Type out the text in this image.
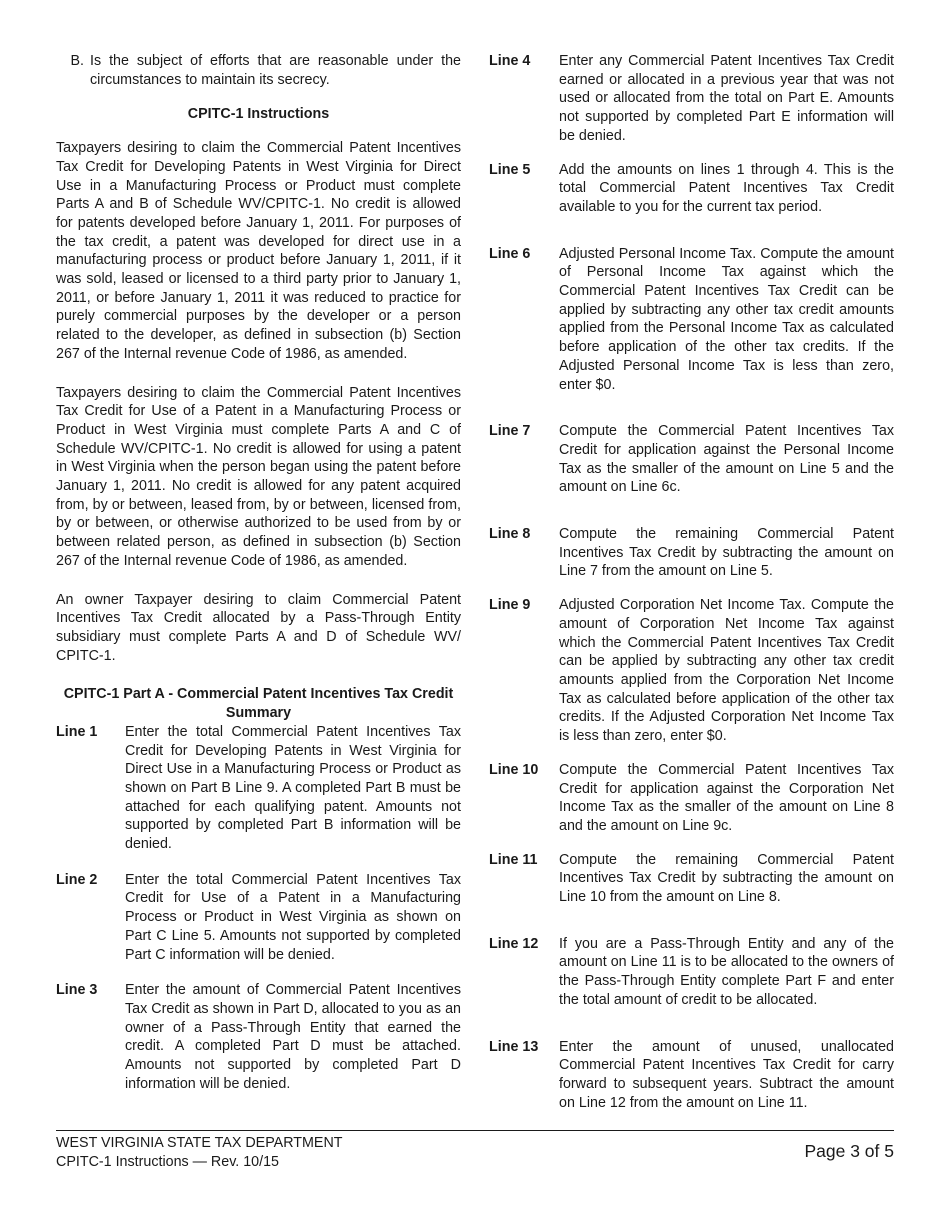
B. Is the subject of efforts that are reasonable under the circumstances to maintain its secrecy.

CPITC-1 Instructions

Taxpayers desiring to claim the Commercial Patent Incentives Tax Credit for Developing Patents in West Virginia for Direct Use in a Manufacturing Process or Product must complete Parts A and B of Schedule WV/CPITC-1. No credit is allowed for patents developed before January 1, 2011. For purposes of the tax credit, a patent was developed for direct use in a manufacturing process or product before January 1, 2011, if it was sold, leased or licensed to a third party prior to January 1, 2011, or before January 1, 2011 it was reduced to practice for purely commercial purposes by the developer or a person related to the developer, as defined in subsection (b) Section 267 of the Internal revenue Code of 1986, as amended.

Taxpayers desiring to claim the Commercial Patent Incentives Tax Credit for Use of a Patent in a Manufacturing Process or Product in West Virginia must complete Parts A and C of Schedule WV/CPITC-1. No credit is allowed for using a patent in West Virginia when the person began using the patent before January 1, 2011. No credit is allowed for any patent acquired from, by or between, leased from, by or between, licensed from, by or between, or otherwise authorized to be used from by or between related person, as defined in subsection (b) Section 267 of the Internal revenue Code of 1986, as amended.

An owner Taxpayer desiring to claim Commercial Patent Incentives Tax Credit allocated by a Pass-Through Entity subsidiary must complete Parts A and D of Schedule WV/ CPITC-1.

CPITC-1 Part A - Commercial Patent Incentives Tax Credit Summary

Line 1	Enter the total Commercial Patent Incentives Tax Credit for Developing Patents in West Virginia for Direct Use in a Manufacturing Process or Product as shown on Part B Line 9. A completed Part B must be attached for each qualifying patent. Amounts not supported by completed Part B information will be denied.
Line 2	Enter the total Commercial Patent Incentives Tax Credit for Use of a Patent in a Manufacturing Process or Product in West Virginia as shown on Part C Line 5. Amounts not supported by completed Part C information will be denied.
Line 3	Enter the amount of Commercial Patent Incentives Tax Credit as shown in Part D, allocated to you as an owner of a Pass-Through Entity that earned the credit. A completed Part D must be attached. Amounts not supported by completed Part D information will be denied.
Line 4	Enter any Commercial Patent Incentives Tax Credit earned or allocated in a previous year that was not used or allocated from the total on Part E. Amounts not supported by completed Part E information will be denied.
Line 5	Add the amounts on lines 1 through 4. This is the total Commercial Patent Incentives Tax Credit available to you for the current tax period.
Line 6	Adjusted Personal Income Tax. Compute the amount of Personal Income Tax against which the Commercial Patent Incentives Tax Credit can be applied by subtracting any other tax credit amounts applied from the Personal Income Tax as calculated before application of the other tax credits. If the Adjusted Personal Income Tax is less than zero, enter $0.
Line 7	Compute the Commercial Patent Incentives Tax Credit for application against the Personal Income Tax as the smaller of the amount on Line 5 and the amount on Line 6c.
Line 8	Compute the remaining Commercial Patent Incentives Tax Credit by subtracting the amount on Line 7 from the amount on Line 5.
Line 9	Adjusted Corporation Net Income Tax. Compute the amount of Corporation Net Income Tax against which the Commercial Patent Incentives Tax Credit can be applied by subtracting any other tax credit amounts applied from the Corporation Net Income Tax as calculated before application of the other tax credits. If the Adjusted Corporation Net Income Tax is less than zero, enter $0.
Line 10	Compute the Commercial Patent Incentives Tax Credit for application against the Corporation Net Income Tax as the smaller of the amount on Line 8 and the amount on Line 9c.
Line 11	Compute the remaining Commercial Patent Incentives Tax Credit by subtracting the amount on Line 10 from the amount on Line 8.
Line 12	If you are a Pass-Through Entity and any of the amount on Line 11 is to be allocated to the owners of the Pass-Through Entity complete Part F and enter the total amount of credit to be allocated.
Line 13	Enter the amount of unused, unallocated Commercial Patent Incentives Tax Credit for carry forward to subsequent years. Subtract the amount on Line 12 from the amount on Line 11.
WEST VIRGINIA STATE TAX DEPARTMENT
CPITC-1 Instructions — Rev. 10/15
Page 3 of 5
